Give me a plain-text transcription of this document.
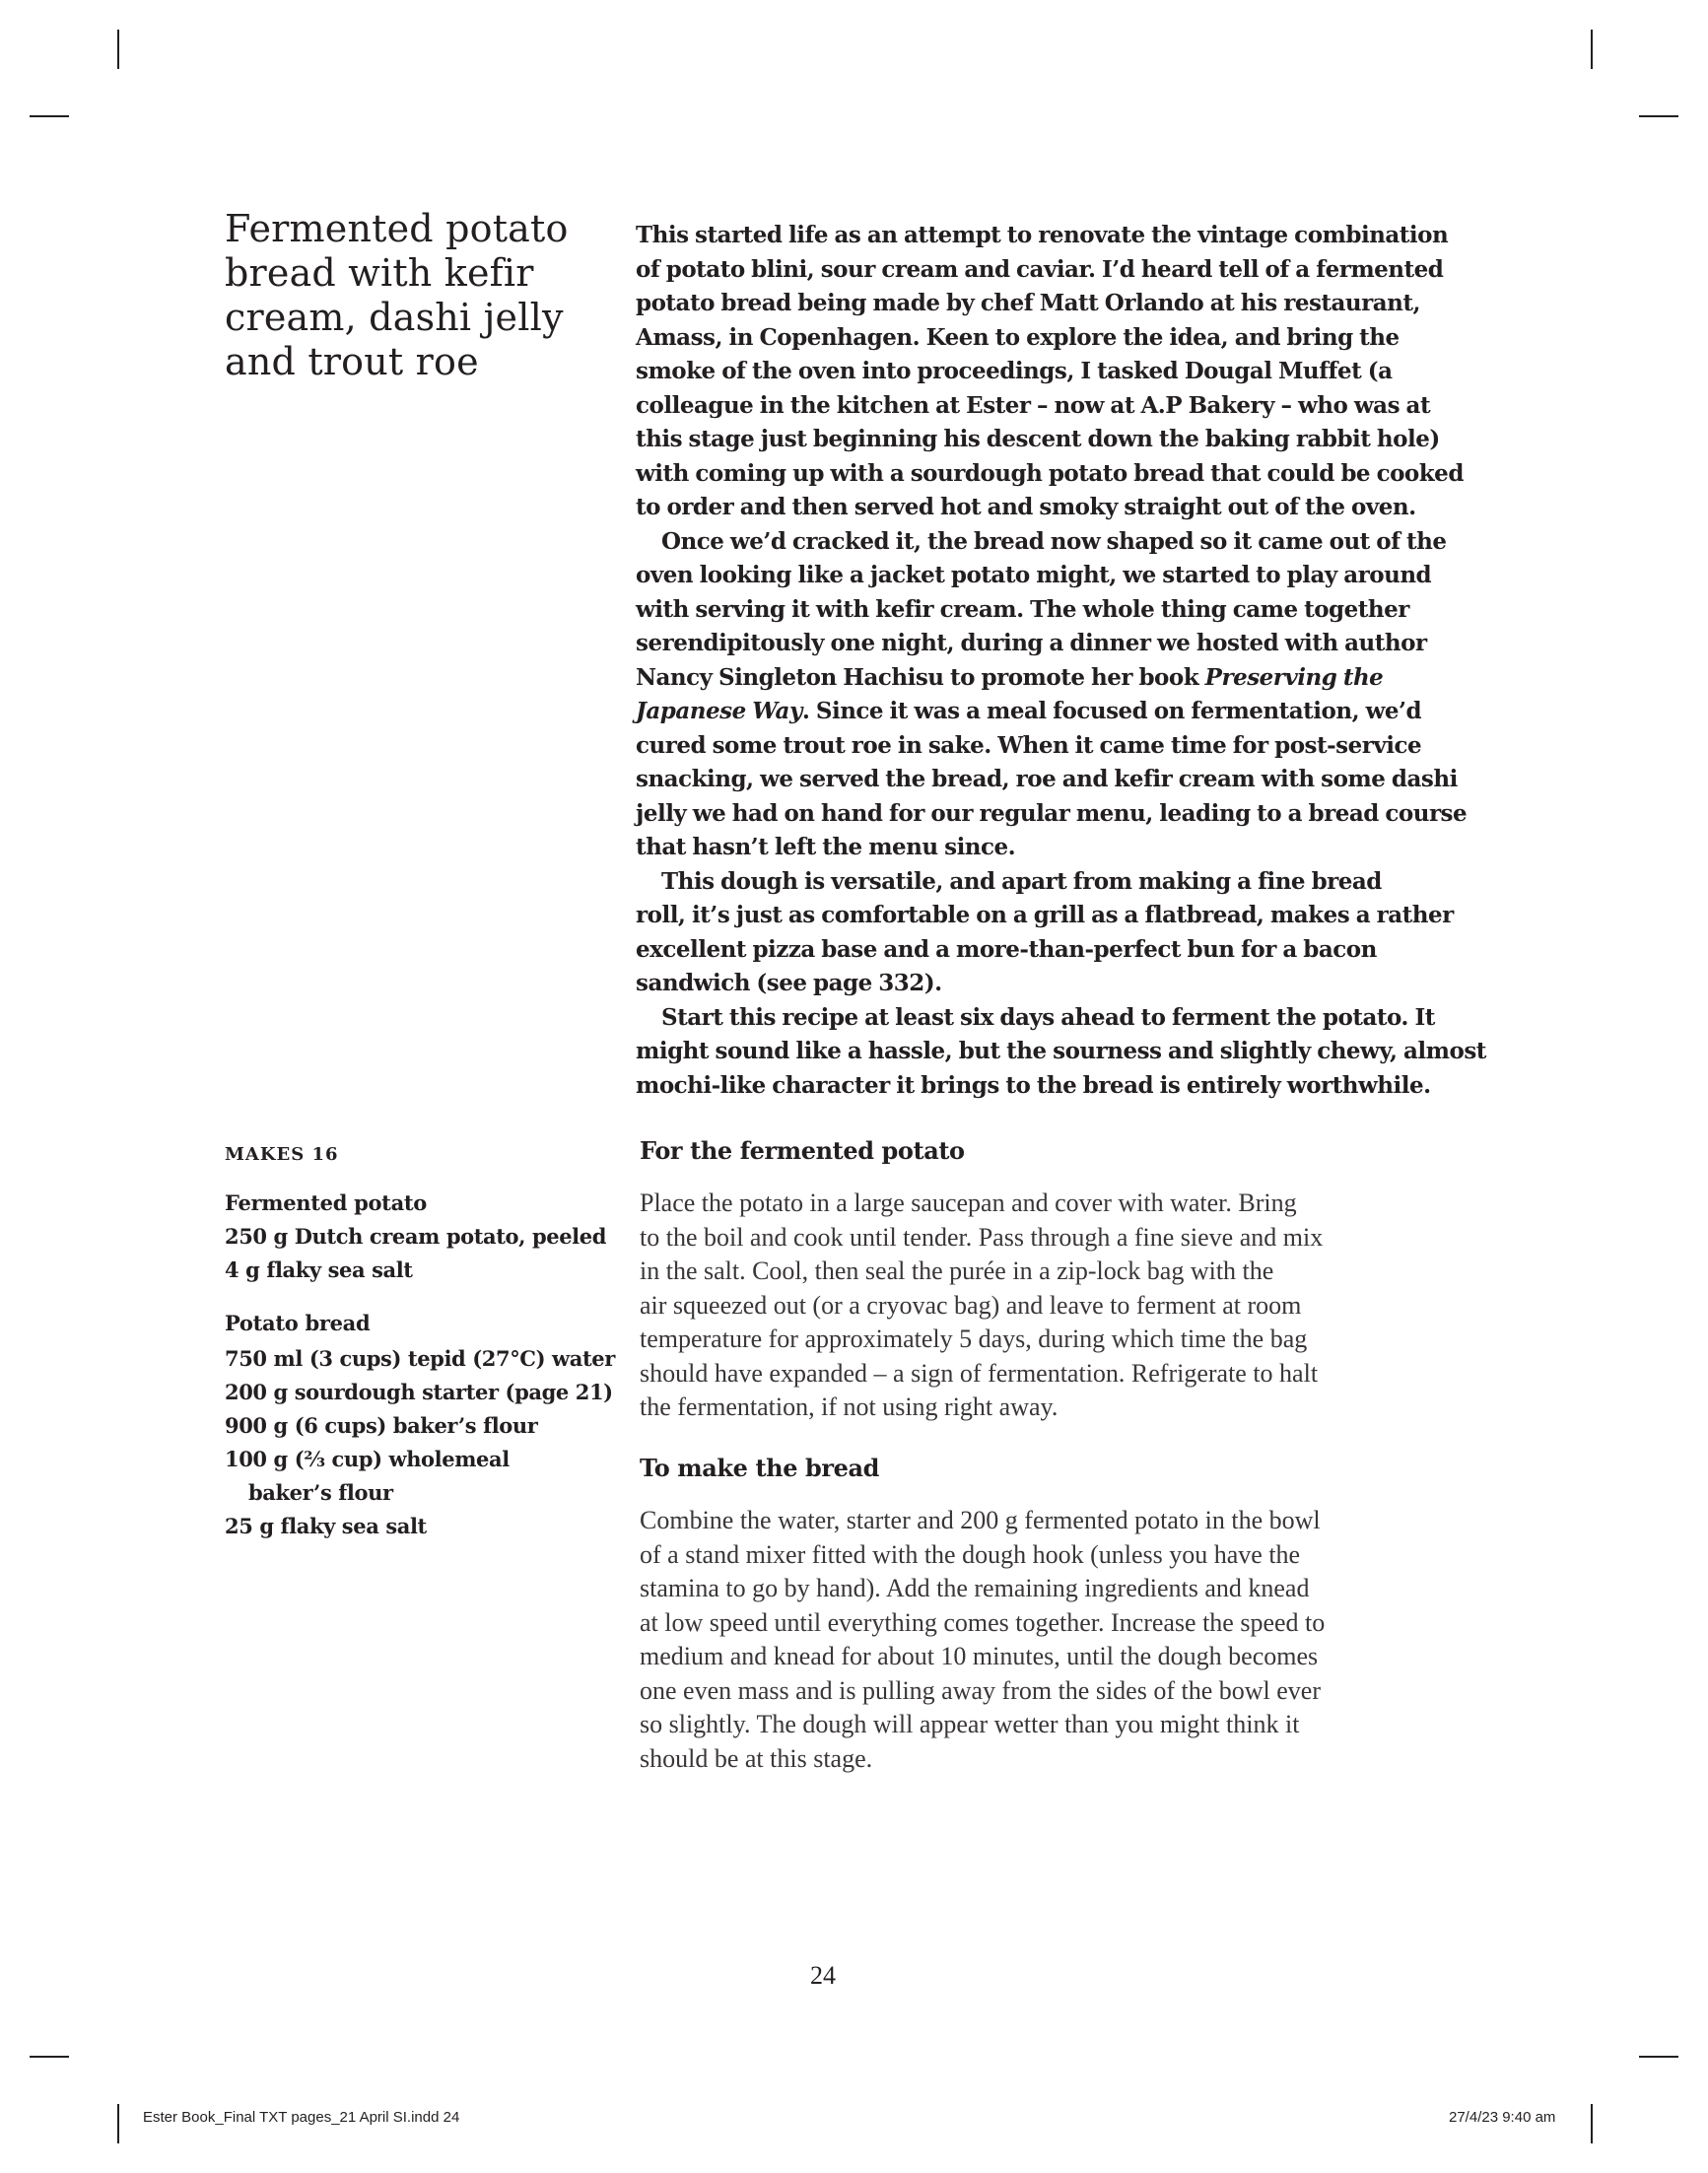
Fermented potato
bread with kefir
cream, dashi jelly
and trout roe
This started life as an attempt to renovate the vintage combination
of potato blini, sour cream and caviar. I’d heard tell of a fermented
potato bread being made by chef Matt Orlando at his restaurant,
Amass, in Copenhagen. Keen to explore the idea, and bring the
smoke of the oven into proceedings, I tasked Dougal Muffet (a
colleague in the kitchen at Ester – now at A.P Bakery – who was at
this stage just beginning his descent down the baking rabbit hole)
with coming up with a sourdough potato bread that could be cooked
to order and then served hot and smoky straight out of the oven.
Once we’d cracked it, the bread now shaped so it came out of the
oven looking like a jacket potato might, we started to play around
with serving it with kefir cream. The whole thing came together
serendipitously one night, during a dinner we hosted with author
Nancy Singleton Hachisu to promote her book Preserving the
Japanese Way. Since it was a meal focused on fermentation, we’d
cured some trout roe in sake. When it came time for post-service
snacking, we served the bread, roe and kefir cream with some dashi
jelly we had on hand for our regular menu, leading to a bread course
that hasn’t left the menu since.
This dough is versatile, and apart from making a fine bread
roll, it’s just as comfortable on a grill as a flatbread, makes a rather
excellent pizza base and a more-than-perfect bun for a bacon
sandwich (see page 332).
Start this recipe at least six days ahead to ferment the potato. It
might sound like a hassle, but the sourness and slightly chewy, almost
mochi-like character it brings to the bread is entirely worthwhile.

MAKES 16

Fermented potato

250 g Dutch cream potato, peeled
4 g flaky sea salt

Potato bread

750 ml (3 cups) tepid (27°C) water
200 g sourdough starter (page 21)
900 g (6 cups) baker’s flour
100 g (⅔ cup) wholemeal
baker’s flour
25 g flaky sea salt

For the fermented potato

Place the potato in a large saucepan and cover with water. Bring
to the boil and cook until tender. Pass through a fine sieve and mix
in the salt. Cool, then seal the purée in a zip-lock bag with the
air squeezed out (or a cryovac bag) and leave to ferment at room
temperature for approximately 5 days, during which time the bag
should have expanded – a sign of fermentation. Refrigerate to halt
the fermentation, if not using right away.

To make the bread

Combine the water, starter and 200 g fermented potato in the bowl
of a stand mixer fitted with the dough hook (unless you have the
stamina to go by hand). Add the remaining ingredients and knead
at low speed until everything comes together. Increase the speed to
medium and knead for about 10 minutes, until the dough becomes
one even mass and is pulling away from the sides of the bowl ever
so slightly. The dough will appear wetter than you might think it
should be at this stage.
24
Ester Book_Final TXT pages_21 April SI.indd 24	27/4/23 9:40 am
